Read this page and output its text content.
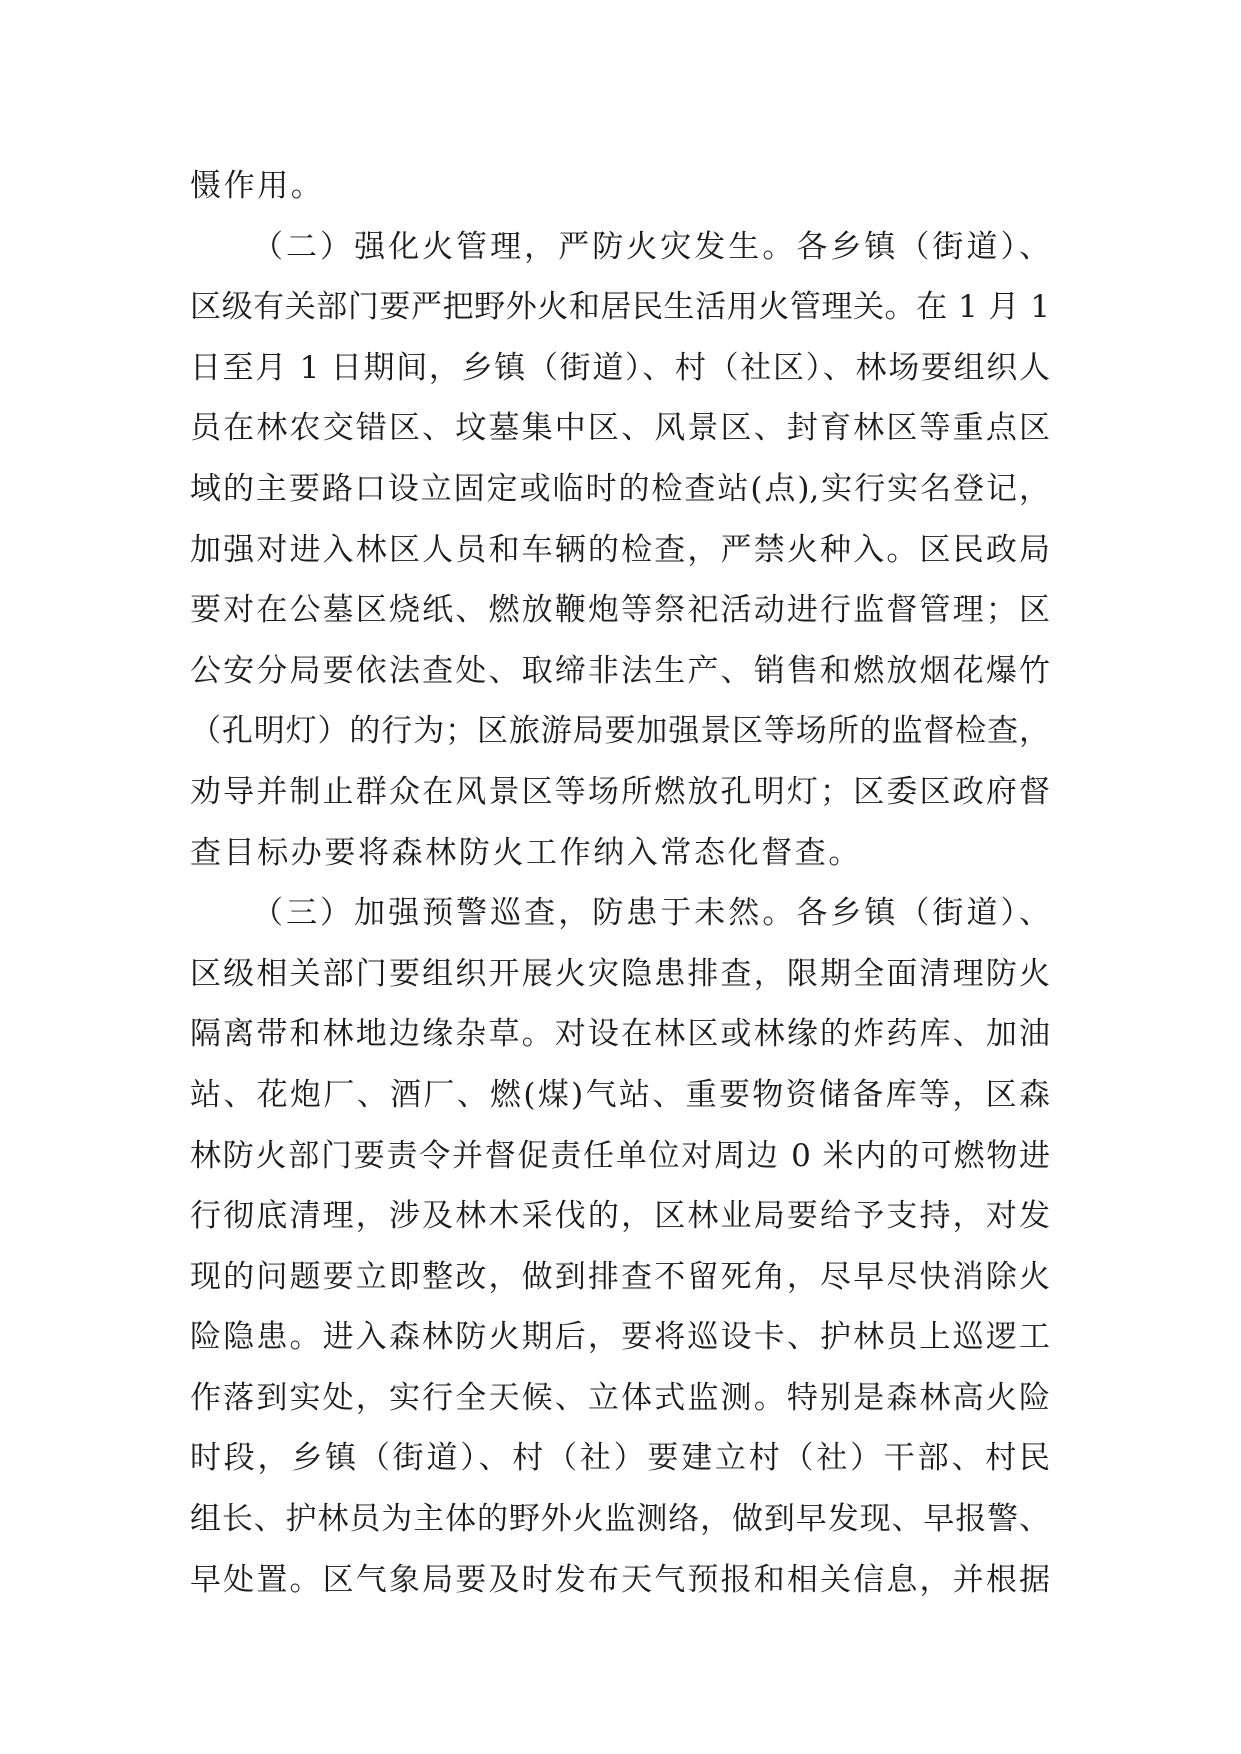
慑作用。
（二）强化火管理，严防火灾发生。各乡镇（街道）、
区级有关部门要严把野外火和居民生活用火管理关。在 1 月 1
日至月 1 日期间，乡镇（街道）、村（社区）、林场要组织人
员在林农交错区、坟墓集中区、风景区、封育林区等重点区
域的主要路口设立固定或临时的检查站(点),实行实名登记，
加强对进入林区人员和车辆的检查，严禁火种入。区民政局
要对在公墓区烧纸、燃放鞭炮等祭祀活动进行监督管理；区
公安分局要依法查处、取缔非法生产、销售和燃放烟花爆竹
（孔明灯）的行为；区旅游局要加强景区等场所的监督检查，
劝导并制止群众在风景区等场所燃放孔明灯；区委区政府督
查目标办要将森林防火工作纳入常态化督查。
（三）加强预警巡查，防患于未然。各乡镇（街道）、
区级相关部门要组织开展火灾隐患排查，限期全面清理防火
隔离带和林地边缘杂草。对设在林区或林缘的炸药库、加油
站、花炮厂、酒厂、燃(煤)气站、重要物资储备库等，区森
林防火部门要责令并督促责任单位对周边 0 米内的可燃物进
行彻底清理，涉及林木采伐的，区林业局要给予支持，对发
现的问题要立即整改，做到排查不留死角，尽早尽快消除火
险隐患。进入森林防火期后，要将巡设卡、护林员上巡逻工
作落到实处，实行全天候、立体式监测。特别是森林高火险
时段，乡镇（街道）、村（社）要建立村（社）干部、村民
组长、护林员为主体的野外火监测络，做到早发现、早报警、
早处置。区气象局要及时发布天气预报和相关信息，并根据
